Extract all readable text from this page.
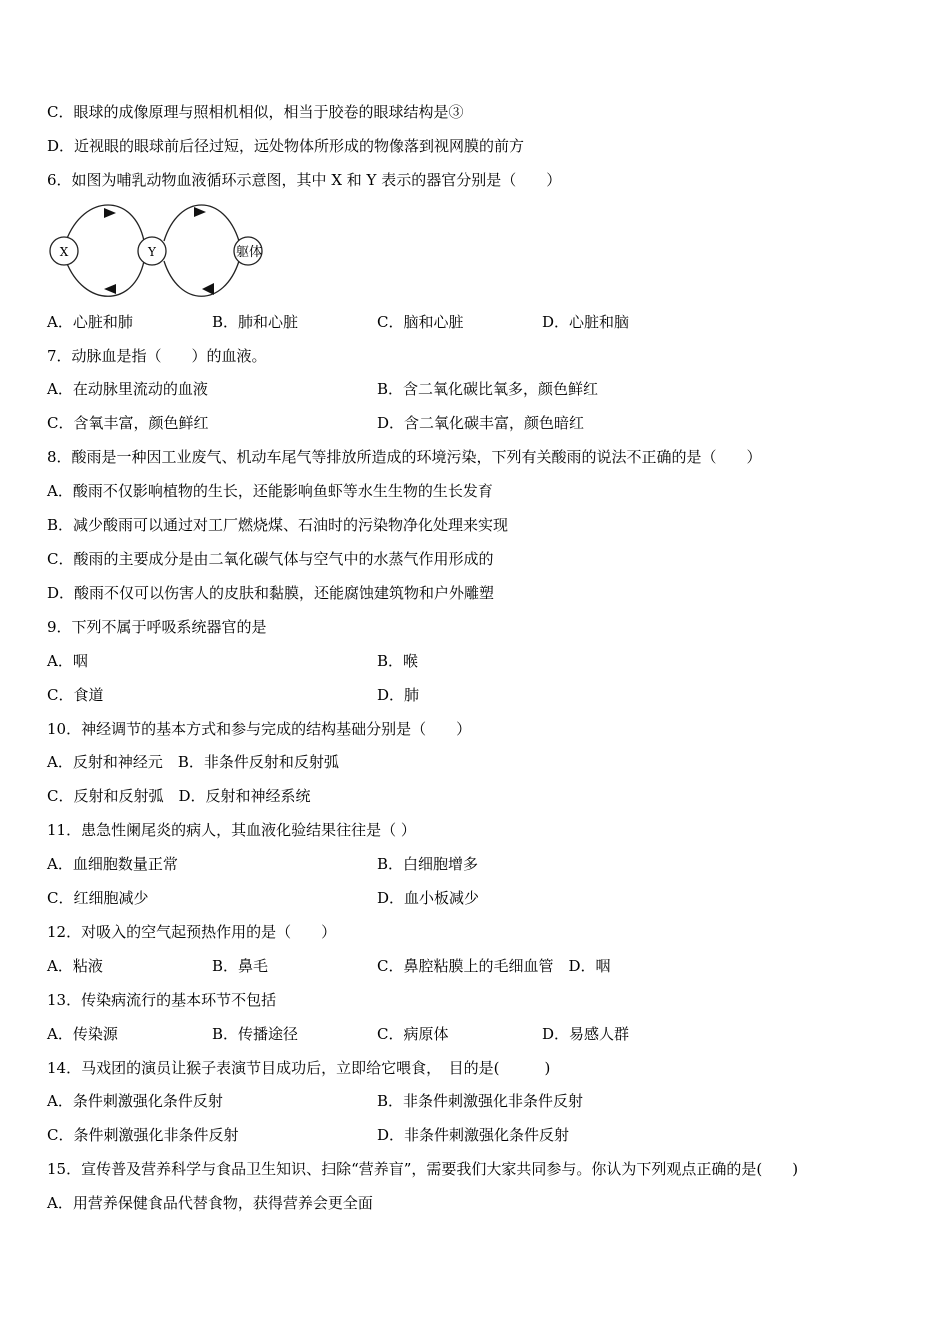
C．眼球的成像原理与照相机相似，相当于胶卷的眼球结构是③
D．近视眼的眼球前后径过短，远处物体所形成的物像落到视网膜的前方
6．如图为哺乳动物血液循环示意图，其中 X 和 Y 表示的器官分别是（　　）
A．心脏和肺	B．肺和心脏	C．脑和心脏	D．心脏和脑
7．动脉血是指（　　）的血液。
A．在动脉里流动的血液	B．含二氧化碳比氧多，颜色鲜红
C．含氧丰富，颜色鲜红	D．含二氧化碳丰富，颜色暗红
8．酸雨是一种因工业废气、机动车尾气等排放所造成的环境污染，下列有关酸雨的说法不正确的是（　　）
A．酸雨不仅影响植物的生长，还能影响鱼虾等水生生物的生长发育
B．减少酸雨可以通过对工厂燃烧煤、石油时的污染物净化处理来实现
C．酸雨的主要成分是由二氧化碳气体与空气中的水蒸气作用形成的
D．酸雨不仅可以伤害人的皮肤和黏膜，还能腐蚀建筑物和户外雕塑
9．下列不属于呼吸系统器官的是
A．咽	B．喉
C．食道	D．肺
10．神经调节的基本方式和参与完成的结构基础分别是（　　）
A．反射和神经元　B．非条件反射和反射弧
C．反射和反射弧　D．反射和神经系统
11．患急性阑尾炎的病人，其血液化验结果往往是（ ）
A．血细胞数量正常	B．白细胞增多
C．红细胞减少	D．血小板减少
12．对吸入的空气起预热作用的是（　　）
A．粘液	B．鼻毛	C．鼻腔粘膜上的毛细血管　D．咽
13．传染病流行的基本环节不包括
A．传染源	B．传播途径	C．病原体	D．易感人群
14．马戏团的演员让猴子表演节目成功后，立即给它喂食，　目的是(　　　)
A．条件刺激强化条件反射	B．非条件刺激强化非条件反射
C．条件刺激强化非条件反射	D．非条件刺激强化条件反射
15．宣传普及营养科学与食品卫生知识、扫除“营养盲”，需要我们大家共同参与。你认为下列观点正确的是(　　)
A．用营养保健食品代替食物，获得营养会更全面
X	Y	躯体
